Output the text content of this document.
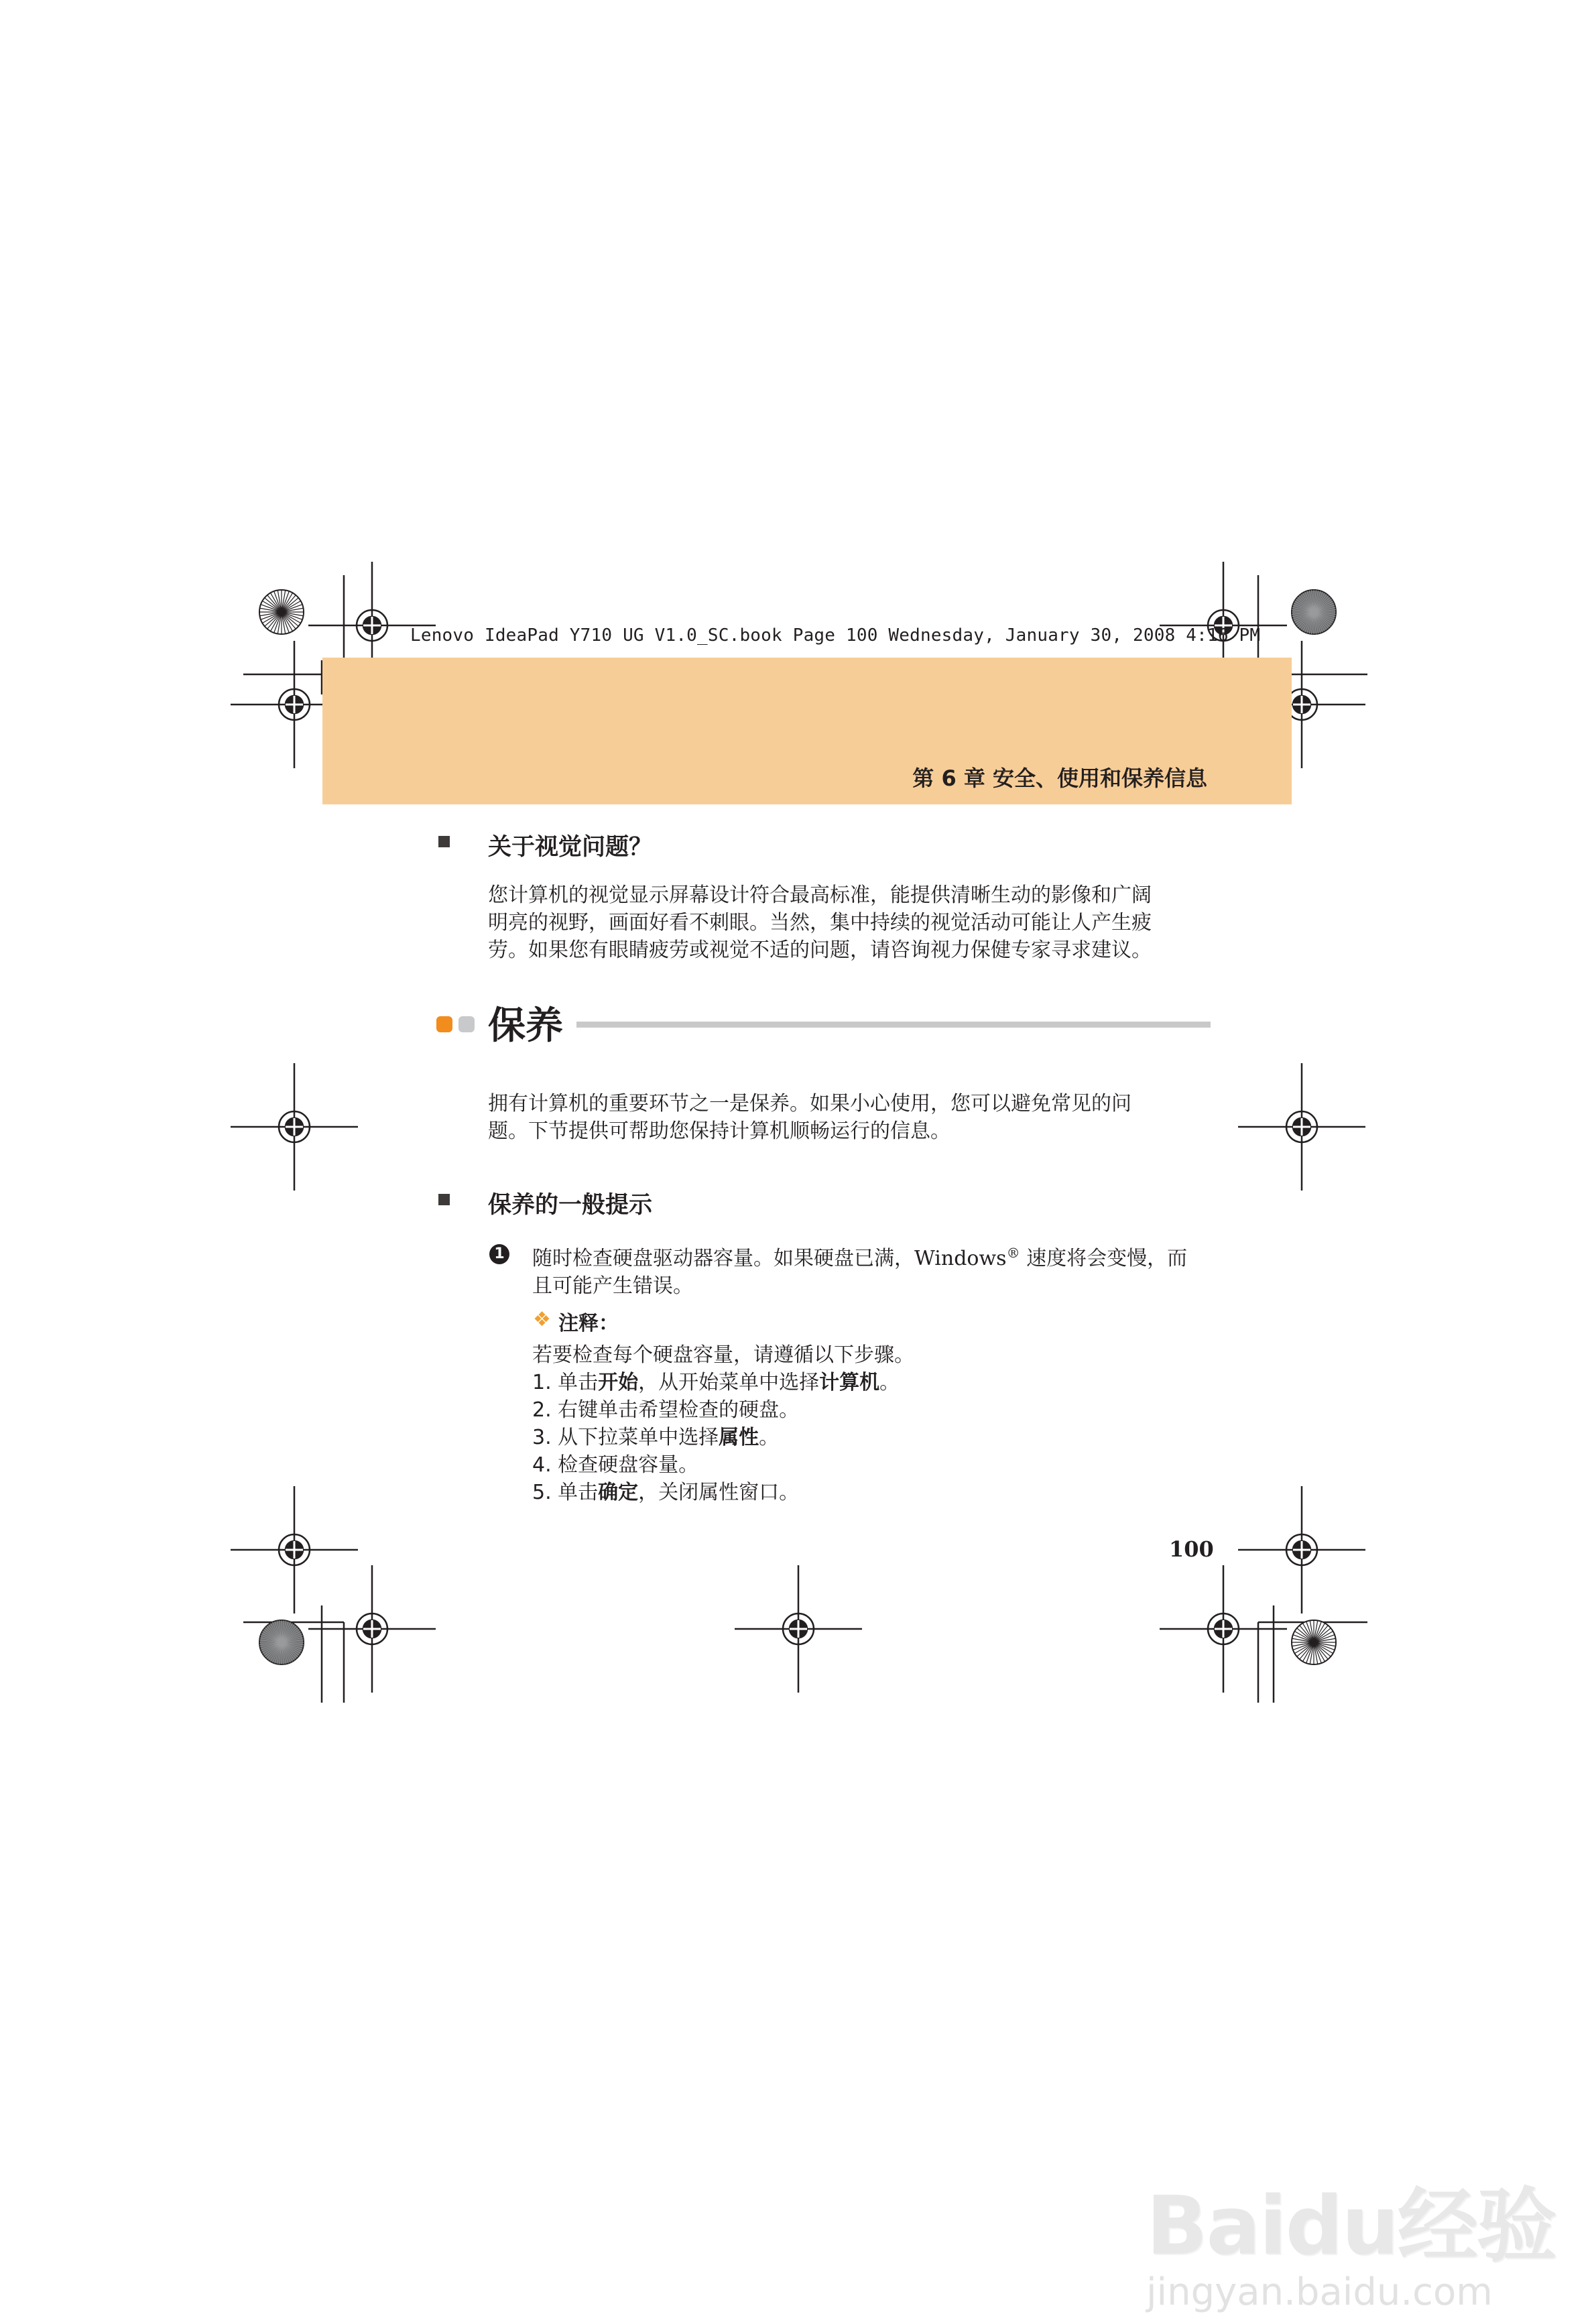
Lenovo IdeaPad Y710 UG V1.0_SC.book Page 100 Wednesday, January 30, 2008 4:16 PM
第 6 章 安全、使用和保养信息
关于视觉问题？

您计算机的视觉显示屏幕设计符合最高标准，能提供清晰生动的影像和广阔

明亮的视野，画面好看不刺眼。当然，集中持续的视觉活动可能让人产生疲

劳。如果您有眼睛疲劳或视觉不适的问题，请咨询视力保健专家寻求建议。

保养

拥有计算机的重要环节之一是保养。如果小心使用，您可以避免常见的问

题。下节提供可帮助您保持计算机顺畅运行的信息。

保养的一般提示
1 随时检查硬盘驱动器容量。如果硬盘已满，Windows® 速度将会变慢，而

且可能产生错误。

❖ 注释：
若要检查每个硬盘容量，请遵循以下步骤。
1. 单击开始，从开始菜单中选择计算机。
2. 右键单击希望检查的硬盘。
3. 从下拉菜单中选择属性。
4. 检查硬盘容量。
5. 单击确定，关闭属性窗口。
100
Baidu经验
jingyan.baidu.com
